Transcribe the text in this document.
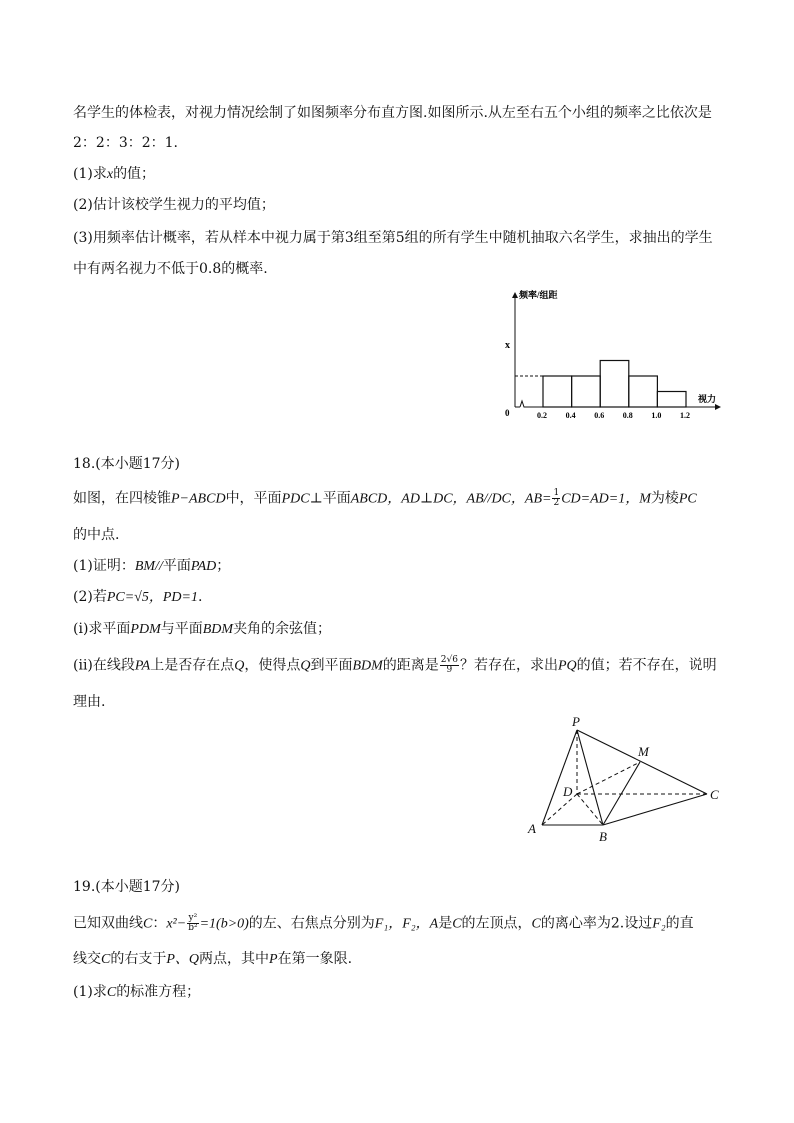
名学生的体检表，对视力情况绘制了如图频率分布直方图.如图所示.从左至右五个小组的频率之比依次是
2：2：3：2：1.
(1)求x的值；
(2)估计该校学生视力的平均值；
(3)用频率估计概率，若从样本中视力属于第3组至第5组的所有学生中随机抽取六名学生，求抽出的学生
中有两名视力不低于0.8的概率.
频率/组距
视力
0
x
0.2 0.4 0.6 0.8 1.0 1.2
18.(本小题17分)
如图，在四棱锥P−ABCD中，平面PDC⊥平面ABCD，AD⊥DC，AB//DC，$AB= \frac{1}{2} CD=AD=1$，M为棱PC
的中点.
(1)证明：BM//平面PAD；
(2)若PC=√5，PD=1.
(ⅰ)求平面PDM与平面BDM夹角的余弦值；
(ⅱ)在线段PA上是否存在点Q，使得点Q到平面BDM的距离是 $\frac{2√6}{9}$ ？若存在，求出PQ的值；若不存在，说明
理由.
P
M
D	C
A
B
19.(本小题17分)
已知双曲线C：$x^2- \frac{\text{y²}}{\text{b²}} =1(b>0)$的左、右焦点分别为F₁，F₂，A是C的左顶点，C的离心率为2.设过F₂的直
线交C的右支于P、Q两点，其中P在第一象限.
(1)求C的标准方程；
